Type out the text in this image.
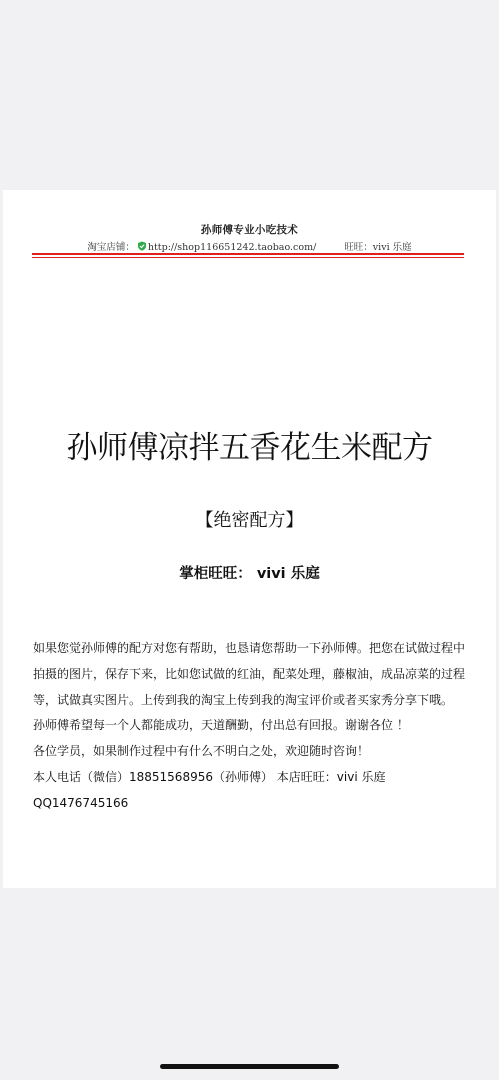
孙师傅专业小吃技术
淘宝店铺： http://shop116651242.taobao.com/	旺旺：vivi 乐庭
孙师傅凉拌五香花生米配方
【绝密配方】
掌柜旺旺： vivi 乐庭

如果您觉孙师傅的配方对您有帮助，也恳请您帮助一下孙师傅。把您在试做过程中拍摄的图片，保存下来，比如您试做的红油，配菜处理，藤椒油，成品凉菜的过程等，试做真实图片。上传到我的淘宝上传到我的淘宝评价或者买家秀分享下哦。

孙师傅希望每一个人都能成功，天道酬勤，付出总有回报。谢谢各位 ！

各位学员，如果制作过程中有什么不明白之处，欢迎随时咨询！

本人电话（微信）18851568956（孙师傅） 本店旺旺：vivi 乐庭 QQ1476745166
